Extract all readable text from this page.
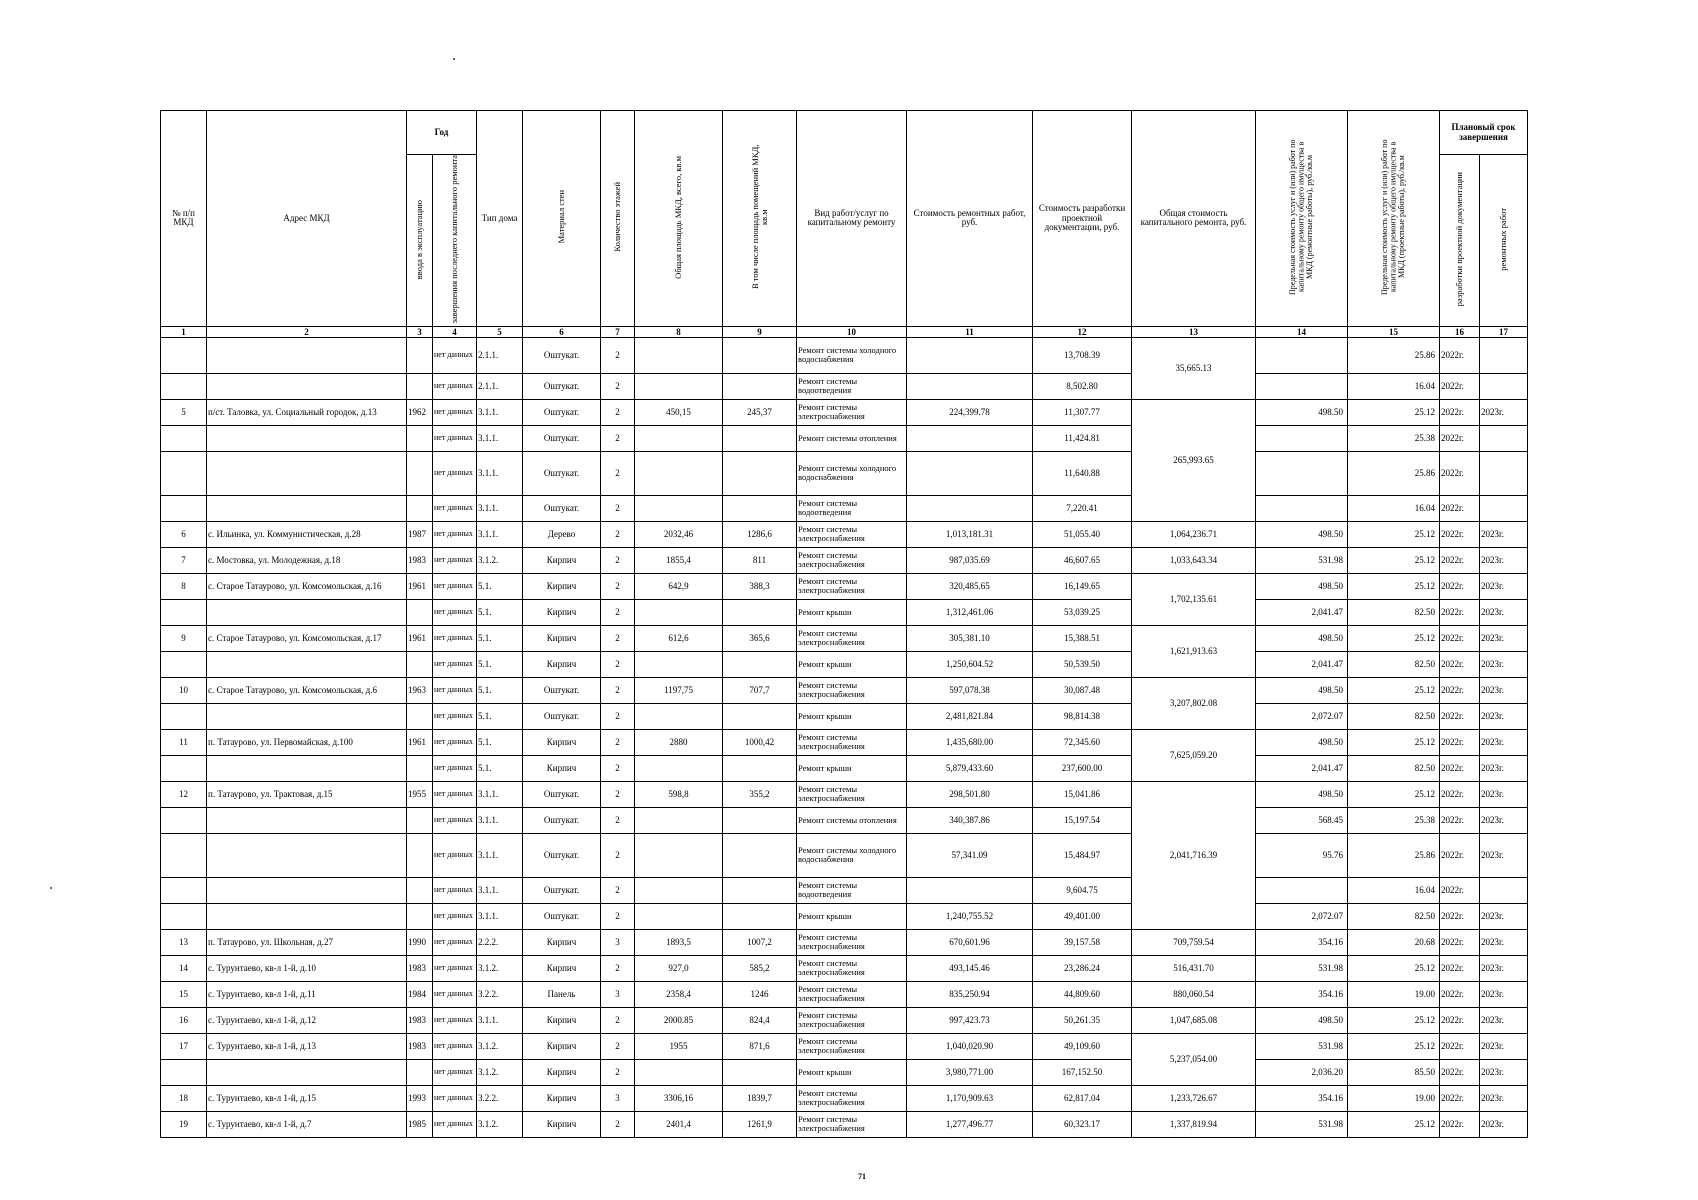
№ п/п МКД	Адрес МКД	Год		Тип дома	Материал стен	Количество этажей	Общая площадь МКД, всего, кв.м	В том числе площадь помещений МКД, кв.м	Вид работ/услуг по капитальному ремонту	Стоимость ремонтных работ, руб.	Стоимость разработки проектной документации, руб.	Общая стоимость капитального ремонта, руб.	Предельная стоимость услуг и (или) работ по капитальному ремонту общего имущества в МКД (ремонтные работы), руб./кв.м	Предельная стоимость услуг и (или) работ по капитальному ремонту общего имущества в МКД (проектные работы), руб./кв.м	Плановый срок завершения	
		ввода в эксплуатацию	завершения последнего капитального ремонта												разработки проектной документации	ремонтных работ
1	2	3	4	5	6	7	8	9	10	11	12	13	14	15	16	17
			нет данных	2.1.1.	Оштукат.	2			Ремонт системы холодного водоснабжения		13,708.39	35,665.13		25.86	2022г.	
			нет данных	2.1.1.	Оштукат.	2			Ремонт системы водоотведения		8,502.80			16.04	2022г.	
5	п/ст. Таловка, ул. Социальный городок, д.13	1962	нет данных	3.1.1.	Оштукат.	2	450,15	245,37	Ремонт системы электроснабжения	224,399.78	11,307.77	265,993.65	498.50	25.12	2022г.	2023г.
			нет данных	3.1.1.	Оштукат.	2			Ремонт системы отопления		11,424.81			25.38	2022г.	
			нет данных	3.1.1.	Оштукат.	2			Ремонт системы холодного водоснабжения		11,640.88			25.86	2022г.	
			нет данных	3.1.1.	Оштукат.	2			Ремонт системы водоотведения		7,220.41			16.04	2022г.	
6	с. Ильинка, ул. Коммунистическая, д.28	1987	нет данных	3.1.1.	Дерево	2	2032,46	1286,6	Ремонт системы электроснабжения	1,013,181.31	51,055.40	1,064,236.71	498.50	25.12	2022г.	2023г.
7	с. Мостовка, ул. Молодежная, д.18	1983	нет данных	3.1.2.	Кирпич	2	1855,4	811	Ремонт системы электроснабжения	987,035.69	46,607.65	1,033,643.34	531.98	25.12	2022г.	2023г.
8	с. Старое Татаурово, ул. Комсомольская, д.16	1961	нет данных	5.1.	Кирпич	2	642,9	388,3	Ремонт системы электроснабжения	320,485.65	16,149.65	1,702,135.61	498.50	25.12	2022г.	2023г.
			нет данных	5.1.	Кирпич	2			Ремонт крыши	1,312,461.06	53,039.25		2,041.47	82.50	2022г.	2023г.
9	с. Старое Татаурово, ул. Комсомольская, д.17	1961	нет данных	5.1.	Кирпич	2	612,6	365,6	Ремонт системы электроснабжения	305,381.10	15,388.51	1,621,913.63	498.50	25.12	2022г.	2023г.
			нет данных	5.1.	Кирпич	2			Ремонт крыши	1,250,604.52	50,539.50		2,041.47	82.50	2022г.	2023г.
10	с. Старое Татаурово, ул. Комсомольская, д.6	1963	нет данных	5.1.	Оштукат.	2	1197,75	707,7	Ремонт системы электроснабжения	597,078.38	30,087.48	3,207,802.08	498.50	25.12	2022г.	2023г.
			нет данных	5.1.	Оштукат.	2			Ремонт крыши	2,481,821.84	98,814.38		2,072.07	82.50	2022г.	2023г.
11	п. Татаурово, ул. Первомайская, д.100	1961	нет данных	5.1.	Кирпич	2	2880	1000,42	Ремонт системы электроснабжения	1,435,680.00	72,345.60	7,625,059.20	498.50	25.12	2022г.	2023г.
			нет данных	5.1.	Кирпич	2			Ремонт крыши	5,879,433.60	237,600.00		2,041.47	82.50	2022г.	2023г.
12	п. Татаурово, ул. Трактовая, д.15	1955	нет данных	3.1.1.	Оштукат.	2	598,8	355,2	Ремонт системы электроснабжения	298,501.80	15,041.86	2,041,716.39	498.50	25.12	2022г.	2023г.
			нет данных	3.1.1.	Оштукат.	2			Ремонт системы отопления	340,387.86	15,197.54		568.45	25.38	2022г.	2023г.
			нет данных	3.1.1.	Оштукат.	2			Ремонт системы холодного водоснабжения	57,341.09	15,484.97		95.76	25.86	2022г.	2023г.
			нет данных	3.1.1.	Оштукат.	2			Ремонт системы водоотведения		9,604.75			16.04	2022г.	
			нет данных	3.1.1.	Оштукат.	2			Ремонт крыши	1,240,755.52	49,401.00		2,072.07	82.50	2022г.	2023г.
13	п. Татаурово, ул. Школьная, д.27	1990	нет данных	2.2.2.	Кирпич	3	1893,5	1007,2	Ремонт системы электроснабжения	670,601.96	39,157.58	709,759.54	354.16	20.68	2022г.	2023г.
14	с. Турунтаево, кв-л 1-й, д.10	1983	нет данных	3.1.2.	Кирпич	2	927,0	585,2	Ремонт системы электроснабжения	493,145.46	23,286.24	516,431.70	531.98	25.12	2022г.	2023г.
15	с. Турунтаево, кв-л 1-й, д.11	1984	нет данных	3.2.2.	Панель	3	2358,4	1246	Ремонт системы электроснабжения	835,250.94	44,809.60	880,060.54	354.16	19.00	2022г.	2023г.
16	с. Турунтаево, кв-л 1-й, д.12	1983	нет данных	3.1.1.	Кирпич	2	2000.85	824,4	Ремонт системы электроснабжения	997,423.73	50,261.35	1,047,685.08	498.50	25.12	2022г.	2023г.
17	с. Турунтаево, кв-л 1-й, д.13	1983	нет данных	3.1.2.	Кирпич	2	1955	871,6	Ремонт системы электроснабжения	1,040,020.90	49,109.60	5,237,054.00	531.98	25.12	2022г.	2023г.
			нет данных	3.1.2.	Кирпич	2			Ремонт крыши	3,980,771.00	167,152.50		2,036.20	85.50	2022г.	2023г.
18	с. Турунтаево, кв-л 1-й, д.15	1993	нет данных	3.2.2.	Кирпич	3	3306,16	1839,7	Ремонт системы электроснабжения	1,170,909.63	62,817.04	1,233,726.67	354.16	19.00	2022г.	2023г.
19	с. Турунтаево, кв-л 1-й, д.7	1985	нет данных	3.1.2.	Кирпич	2	2401,4	1261,9	Ремонт системы электроснабжения	1,277,496.77	60,323.17	1,337,819.94	531.98	25.12	2022г.	2023г.
71
